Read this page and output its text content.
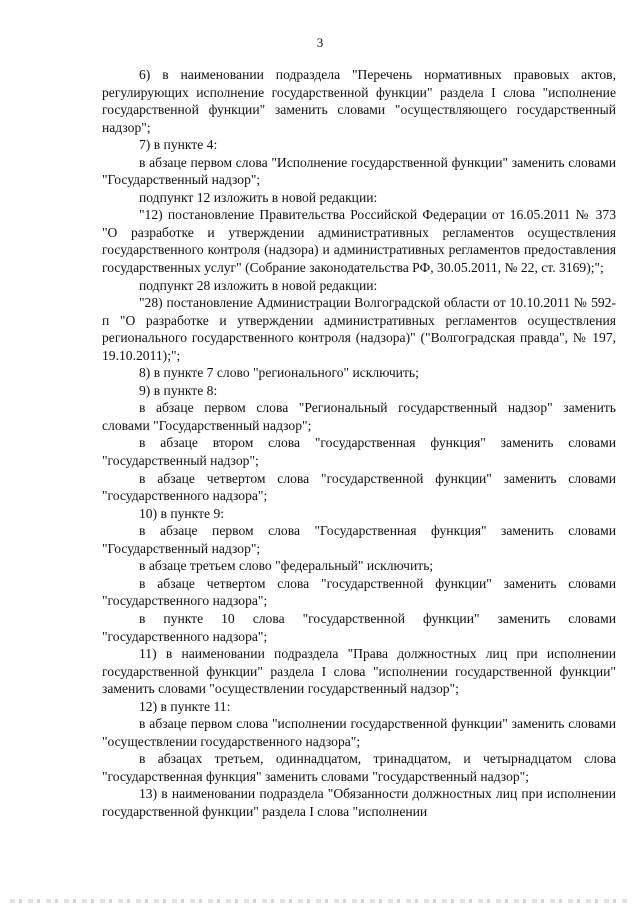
3

6) в наименовании подраздела "Перечень нормативных правовых актов, регулирующих исполнение государственной функции" раздела I слова "исполнение государственной функции" заменить словами "осуществляющего государственный надзор";

7) в пункте 4:

в абзаце первом слова "Исполнение государственной функции" заменить словами "Государственный надзор";

подпункт 12 изложить в новой редакции:

"12) постановление Правительства Российской Федерации от 16.05.2011 № 373 "О разработке и утверждении административных регламентов осуществления государственного контроля (надзора) и административных регламентов предоставления государственных услуг" (Собрание законодательства РФ, 30.05.2011, № 22, ст. 3169);";

подпункт 28 изложить в новой редакции:

"28) постановление Администрации Волгоградской области от 10.10.2011 № 592-п "О разработке и утверждении административных регламентов осуществления регионального государственного контроля (надзора)" ("Волгоградская правда", № 197, 19.10.2011);";

8) в пункте 7 слово "регионального" исключить;

9) в пункте 8:

в абзаце первом слова "Региональный государственный надзор" заменить словами "Государственный надзор";

в абзаце втором слова "государственная функция" заменить словами "государственный надзор";

в абзаце четвертом слова "государственной функции" заменить словами "государственного надзора";

10) в пункте 9:

в абзаце первом слова "Государственная функция" заменить словами "Государственный надзор";

в абзаце третьем слово "федеральный" исключить;

в абзаце четвертом слова "государственной функции" заменить словами "государственного надзора";

в пункте 10 слова "государственной функции" заменить словами "государственного надзора";

11) в наименовании подраздела "Права должностных лиц при исполнении государственной функции" раздела I слова "исполнении государственной функции" заменить словами "осуществлении государственный надзор";

12) в пункте 11:

в абзаце первом слова "исполнении государственной функции" заменить словами "осуществлении государственного надзора";

в абзацах третьем, одиннадцатом, тринадцатом, и четырнадцатом слова "государственная функция" заменить словами "государственный надзор";

13) в наименовании подраздела "Обязанности должностных лиц при исполнении государственной функции" раздела I слова "исполнении
